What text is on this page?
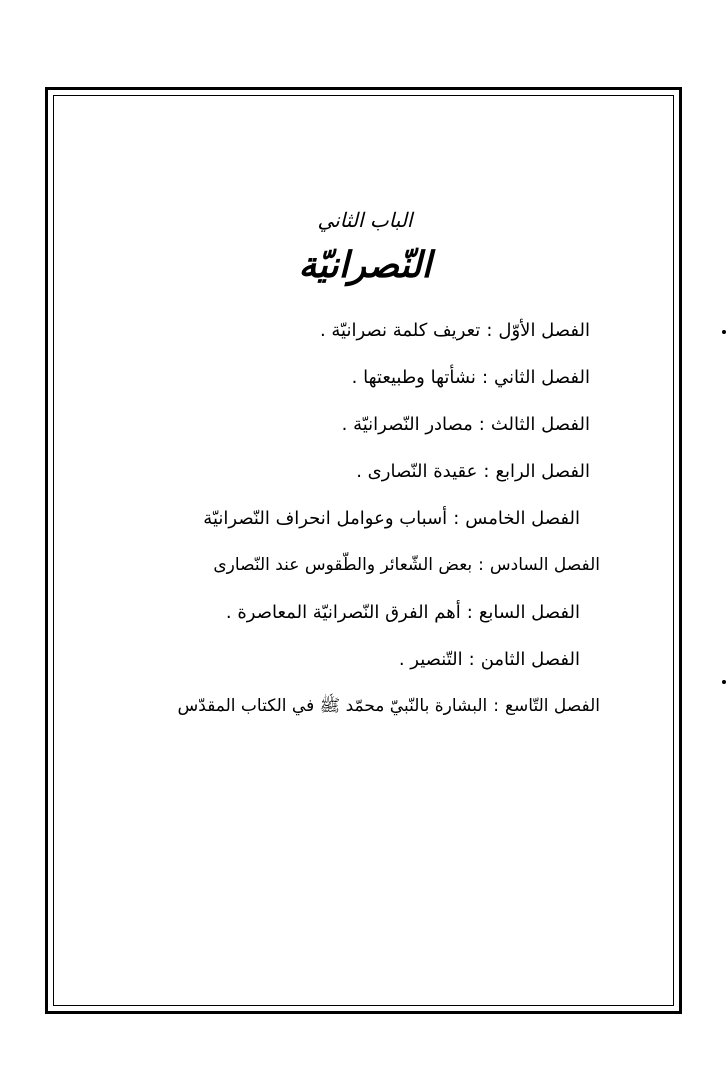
الباب الثاني

النّصرانيّة
الفصل الأوّل:تعريف كلمة نصرانيّة .
الفصل الثاني:نشأتها وطبيعتها .
الفصل الثالث:مصادر النّصرانيّة .
الفصل الرابع:عقيدة النّصارى .
الفصل الخامس:أسباب وعوامل انحراف النّصرانيّة
الفصل السادس:بعض الشّعائر والطّقوس عند النّصارى
الفصل السابع:أهم الفرق النّصرانيّة المعاصرة .
الفصل الثامن:التّنصير .
الفصل التّاسع:البشارة بالنّبيّ محمّد ﷺ في الكتاب المقدّس
